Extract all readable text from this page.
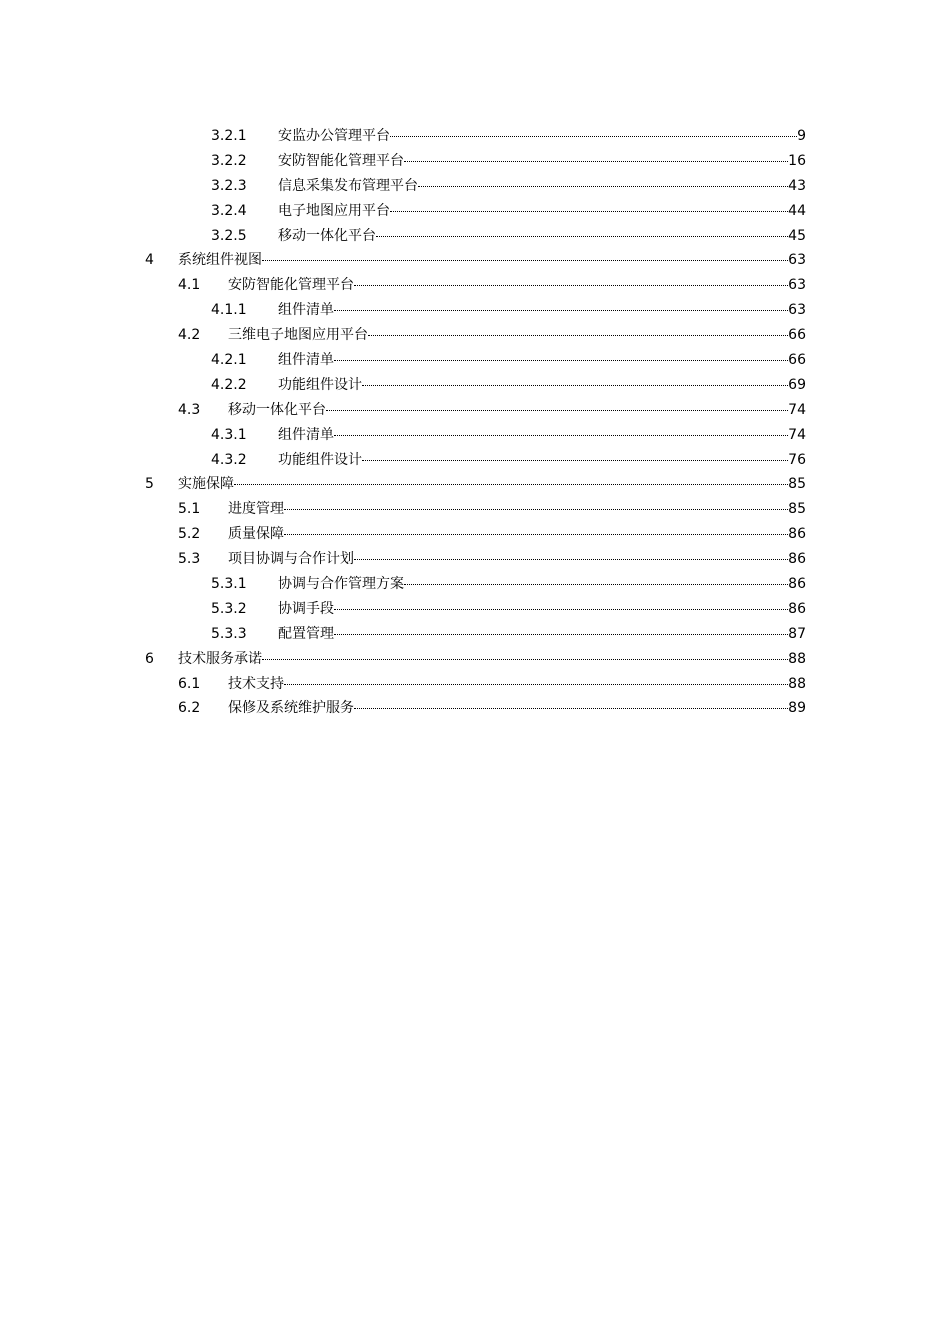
3.2.1 安监办公管理平台	9
3.2.2 安防智能化管理平台	16
3.2.3 信息采集发布管理平台	43
3.2.4 电子地图应用平台	44
3.2.5 移动一体化平台	45
4 系统组件视图	63
4.1 安防智能化管理平台	63
4.1.1 组件清单	63
4.2 三维电子地图应用平台	66
4.2.1 组件清单	66
4.2.2 功能组件设计	69
4.3 移动一体化平台	74
4.3.1 组件清单	74
4.3.2 功能组件设计	76
5 实施保障	85
5.1 进度管理	85
5.2 质量保障	86
5.3 项目协调与合作计划	86
5.3.1 协调与合作管理方案	86
5.3.2 协调手段	86
5.3.3 配置管理	87
6 技术服务承诺	88
6.1 技术支持	88
6.2 保修及系统维护服务	89
